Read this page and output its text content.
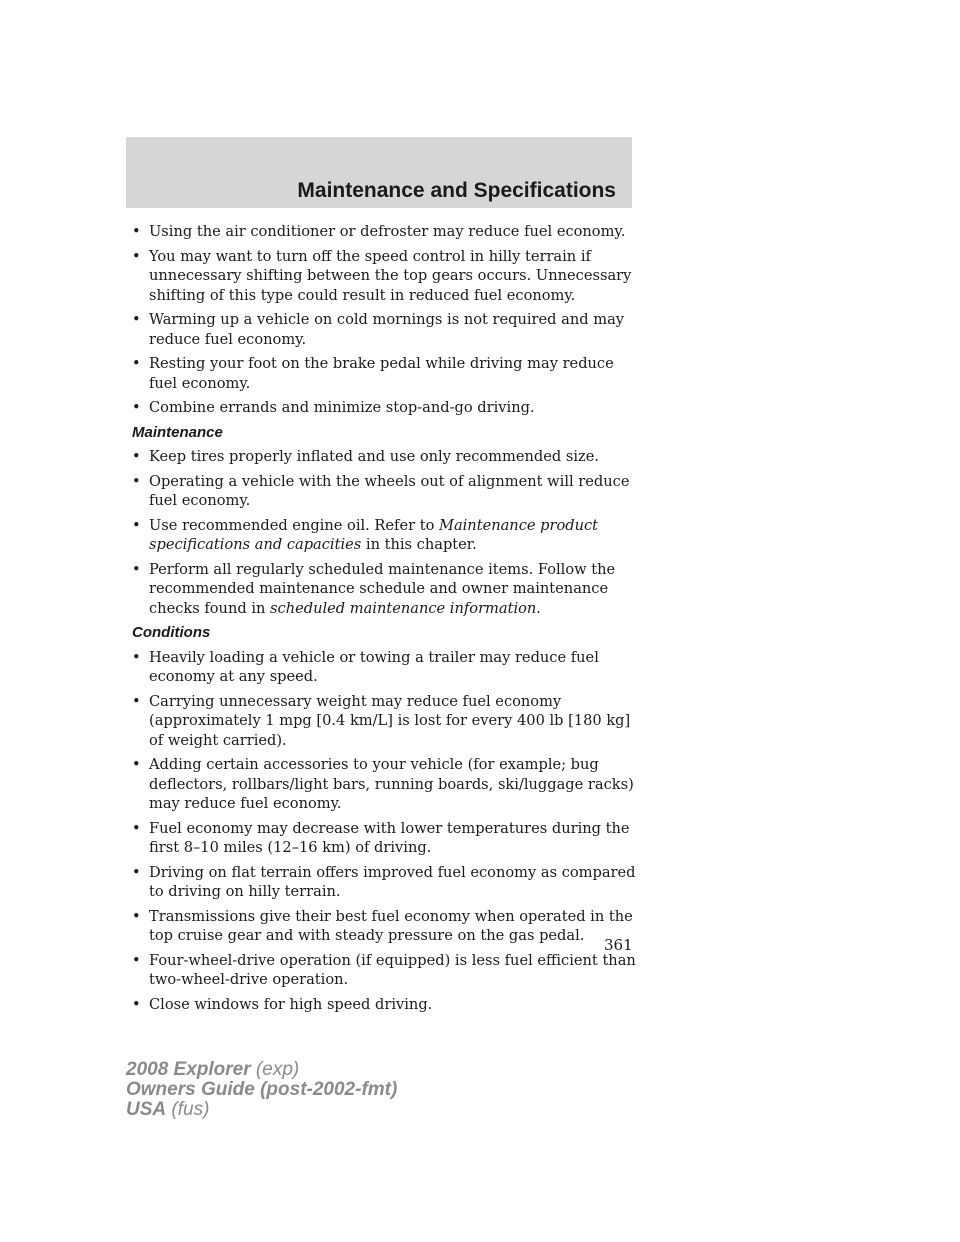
Maintenance and Specifications
• Using the air conditioner or defroster may reduce fuel economy.
• You may want to turn off the speed control in hilly terrain if unnecessary shifting between the top gears occurs. Unnecessary shifting of this type could result in reduced fuel economy.
• Warming up a vehicle on cold mornings is not required and may reduce fuel economy.
• Resting your foot on the brake pedal while driving may reduce fuel economy.
• Combine errands and minimize stop-and-go driving.
Maintenance
• Keep tires properly inflated and use only recommended size.
• Operating a vehicle with the wheels out of alignment will reduce fuel economy.
• Use recommended engine oil. Refer to Maintenance product specifications and capacities in this chapter.
• Perform all regularly scheduled maintenance items. Follow the recommended maintenance schedule and owner maintenance checks found in scheduled maintenance information.
Conditions
• Heavily loading a vehicle or towing a trailer may reduce fuel economy at any speed.
• Carrying unnecessary weight may reduce fuel economy (approximately 1 mpg [0.4 km/L] is lost for every 400 lb [180 kg] of weight carried).
• Adding certain accessories to your vehicle (for example; bug deflectors, rollbars/light bars, running boards, ski/luggage racks) may reduce fuel economy.
• Fuel economy may decrease with lower temperatures during the first 8–10 miles (12–16 km) of driving.
• Driving on flat terrain offers improved fuel economy as compared to driving on hilly terrain.
• Transmissions give their best fuel economy when operated in the top cruise gear and with steady pressure on the gas pedal.
• Four-wheel-drive operation (if equipped) is less fuel efficient than two-wheel-drive operation.
• Close windows for high speed driving.
361
2008 Explorer (exp)
Owners Guide (post-2002-fmt)
USA (fus)
